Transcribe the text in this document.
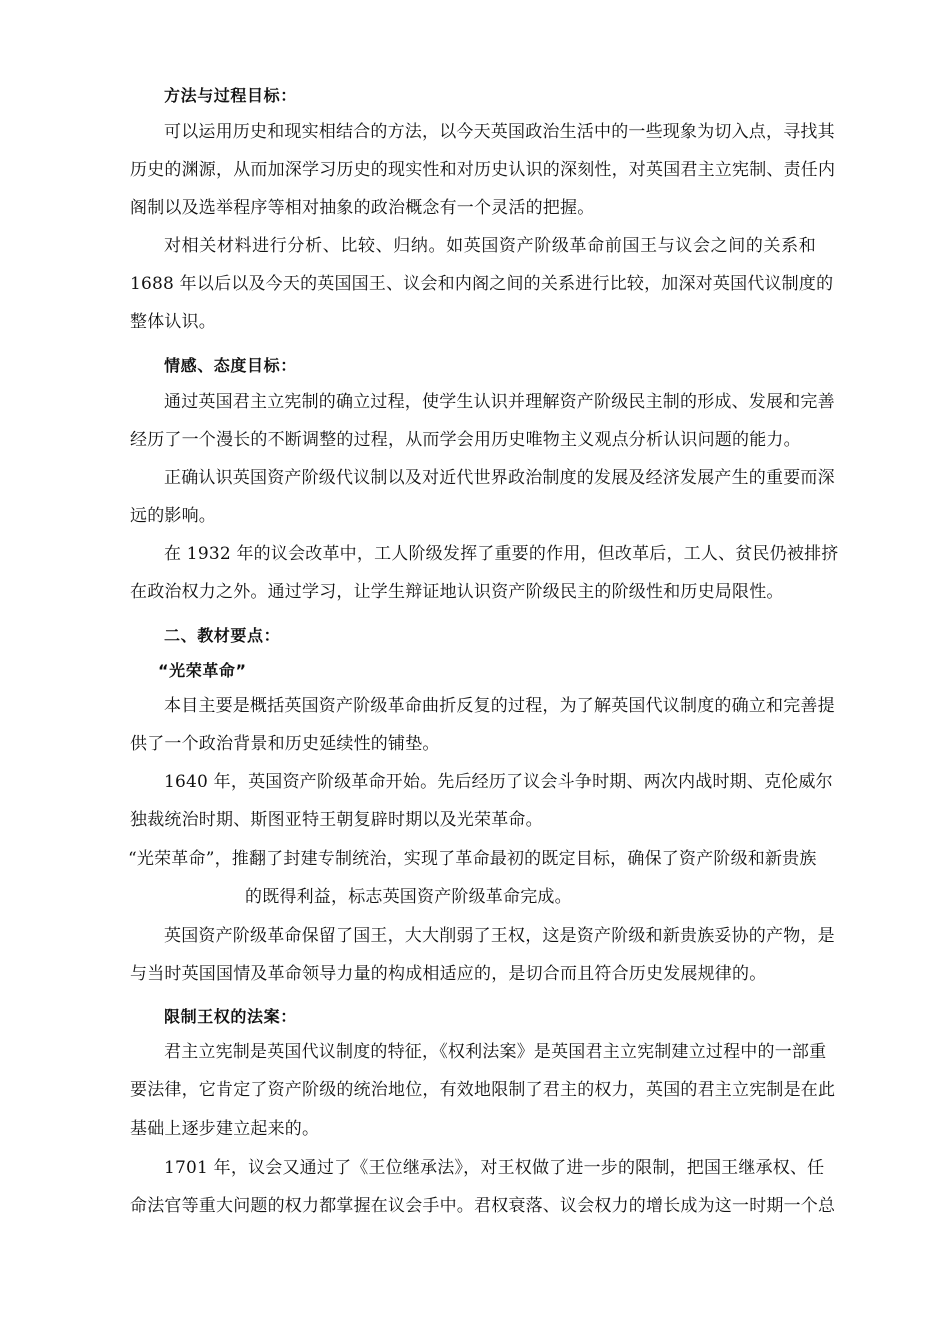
方法与过程目标：
可以运用历史和现实相结合的方法，以今天英国政治生活中的一些现象为切入点，寻找其
历史的渊源，从而加深学习历史的现实性和对历史认识的深刻性，对英国君主立宪制、责任内
阁制以及选举程序等相对抽象的政治概念有一个灵活的把握。
对相关材料进行分析、比较、归纳。如英国资产阶级革命前国王与议会之间的关系和
1688 年以后以及今天的英国国王、议会和内阁之间的关系进行比较，加深对英国代议制度的
整体认识。
情感、态度目标：
通过英国君主立宪制的确立过程，使学生认识并理解资产阶级民主制的形成、发展和完善
经历了一个漫长的不断调整的过程，从而学会用历史唯物主义观点分析认识问题的能力。
正确认识英国资产阶级代议制以及对近代世界政治制度的发展及经济发展产生的重要而深
远的影响。
在 1932 年的议会改革中，工人阶级发挥了重要的作用，但改革后，工人、贫民仍被排挤
在政治权力之外。通过学习，让学生辩证地认识资产阶级民主的阶级性和历史局限性。
二、教材要点：
“光荣革命”
本目主要是概括英国资产阶级革命曲折反复的过程，为了解英国代议制度的确立和完善提
供了一个政治背景和历史延续性的铺垫。
1640 年，英国资产阶级革命开始。先后经历了议会斗争时期、两次内战时期、克伦威尔
独裁统治时期、斯图亚特王朝复辟时期以及光荣革命。
“光荣革命”，推翻了封建专制统治，实现了革命最初的既定目标，确保了资产阶级和新贵族
的既得利益，标志英国资产阶级革命完成。
英国资产阶级革命保留了国王，大大削弱了王权，这是资产阶级和新贵族妥协的产物，是
与当时英国国情及革命领导力量的构成相适应的，是切合而且符合历史发展规律的。
限制王权的法案：
君主立宪制是英国代议制度的特征，《权利法案》是英国君主立宪制建立过程中的一部重
要法律，它肯定了资产阶级的统治地位，有效地限制了君主的权力，英国的君主立宪制是在此
基础上逐步建立起来的。
1701 年，议会又通过了《王位继承法》，对王权做了进一步的限制，把国王继承权、任
命法官等重大问题的权力都掌握在议会手中。君权衰落、议会权力的增长成为这一时期一个总
